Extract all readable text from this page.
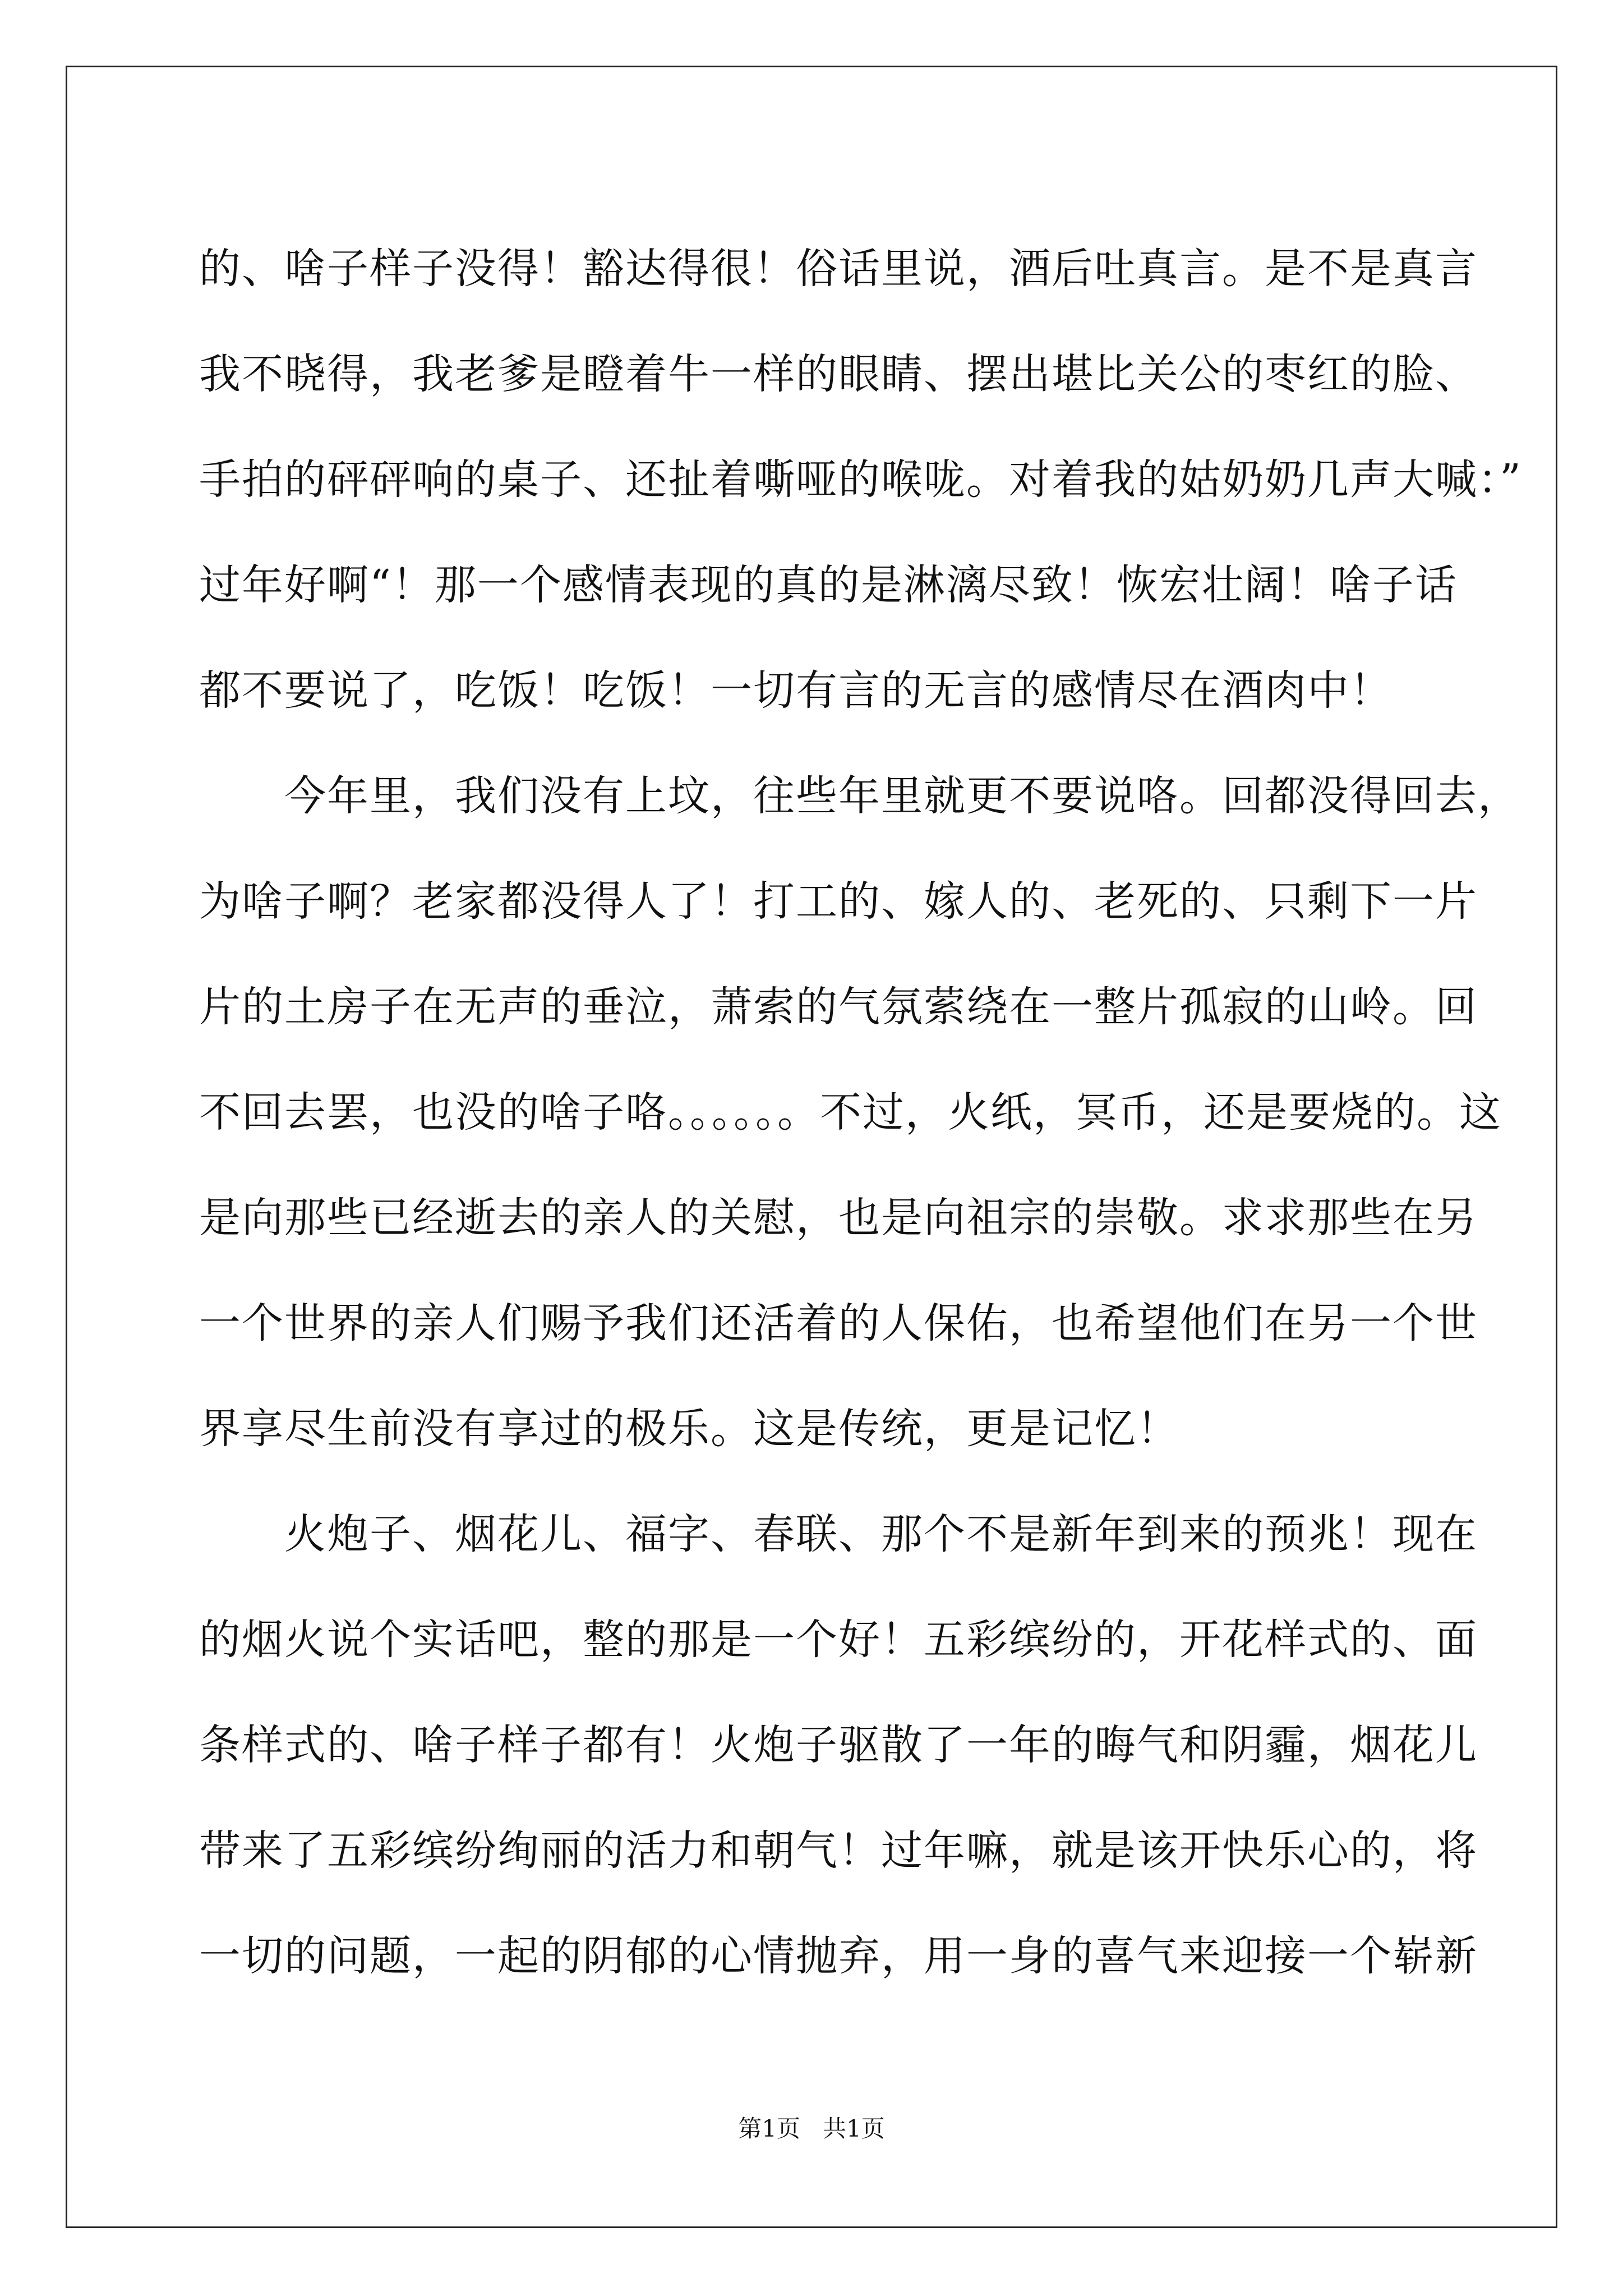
的、啥子样子没得！豁达得很！俗话里说，酒后吐真言。是不是真言
我不晓得，我老爹是瞪着牛一样的眼睛、摆出堪比关公的枣红的脸、
手拍的砰砰响的桌子、还扯着嘶哑的喉咙。对着我的姑奶奶几声大喊：”
过年好啊“！那一个感情表现的真的是淋漓尽致！恢宏壮阔！啥子话
都不要说了，吃饭！吃饭！一切有言的无言的感情尽在酒肉中！
　　今年里，我们没有上坟，往些年里就更不要说咯。回都没得回去，
为啥子啊？老家都没得人了！打工的、嫁人的、老死的、只剩下一片
片的土房子在无声的垂泣，萧索的气氛萦绕在一整片孤寂的山岭。回
不回去罢，也没的啥子咯。。。。。。不过，火纸，冥币，还是要烧的。这
是向那些已经逝去的亲人的关慰，也是向祖宗的崇敬。求求那些在另
一个世界的亲人们赐予我们还活着的人保佑，也希望他们在另一个世
界享尽生前没有享过的极乐。这是传统，更是记忆！
　　火炮子、烟花儿、福字、春联、那个不是新年到来的预兆！现在
的烟火说个实话吧，整的那是一个好！五彩缤纷的，开花样式的、面
条样式的、啥子样子都有！火炮子驱散了一年的晦气和阴霾，烟花儿
带来了五彩缤纷绚丽的活力和朝气！过年嘛，就是该开快乐心的，将
一切的问题，一起的阴郁的心情抛弃，用一身的喜气来迎接一个崭新
第1页 共1页
